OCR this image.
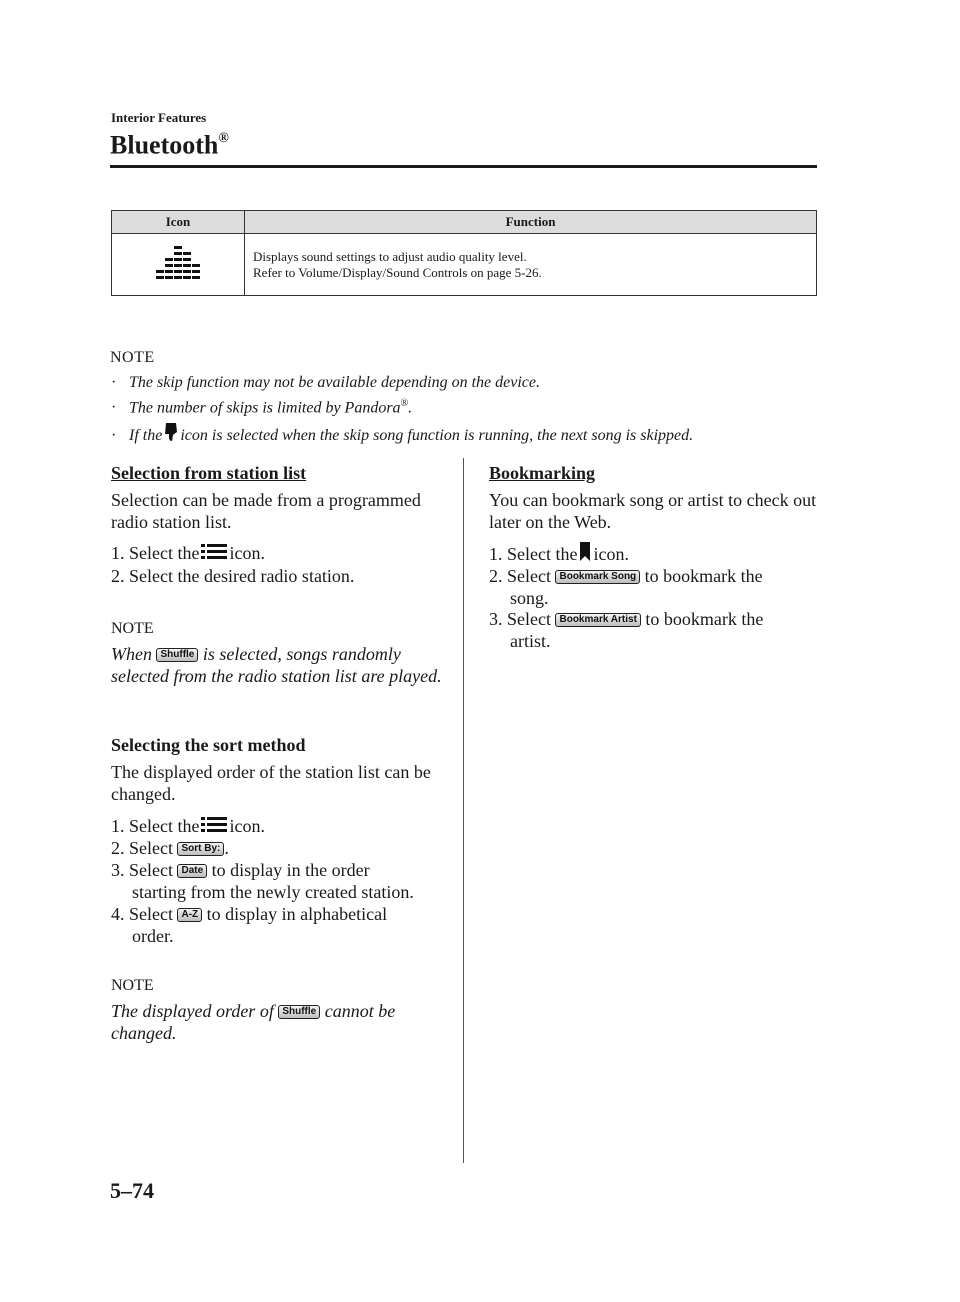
Interior Features
Bluetooth®
Icon	Function

Displays sound settings to adjust audio quality level.
Refer to Volume/Display/Sound Controls on page 5-26.
NOTE
· The skip function may not be available depending on the device.
· The number of skips is limited by Pandora®.
· If the icon is selected when the skip song function is running, the next song is skipped.
Selection from station list

Selection can be made from a programmed radio station list.

1. Select the icon.
2. Select the desired radio station.
NOTE

When Shuffle is selected, songs randomly selected from the radio station list are played.

Selecting the sort method

The displayed order of the station list can be changed.

1. Select the icon.
2. Select Sort By: .
3. Select Date to display in the order
starting from the newly created station.
4. Select A-Z to display in alphabetical
order.
NOTE

The displayed order of Shuffle cannot be
changed.

Bookmarking

You can bookmark song or artist to check out later on the Web.

1. Select the icon.
2. Select Bookmark Song to bookmark the
song.
3. Select Bookmark Artist to bookmark the
artist.
5–74
